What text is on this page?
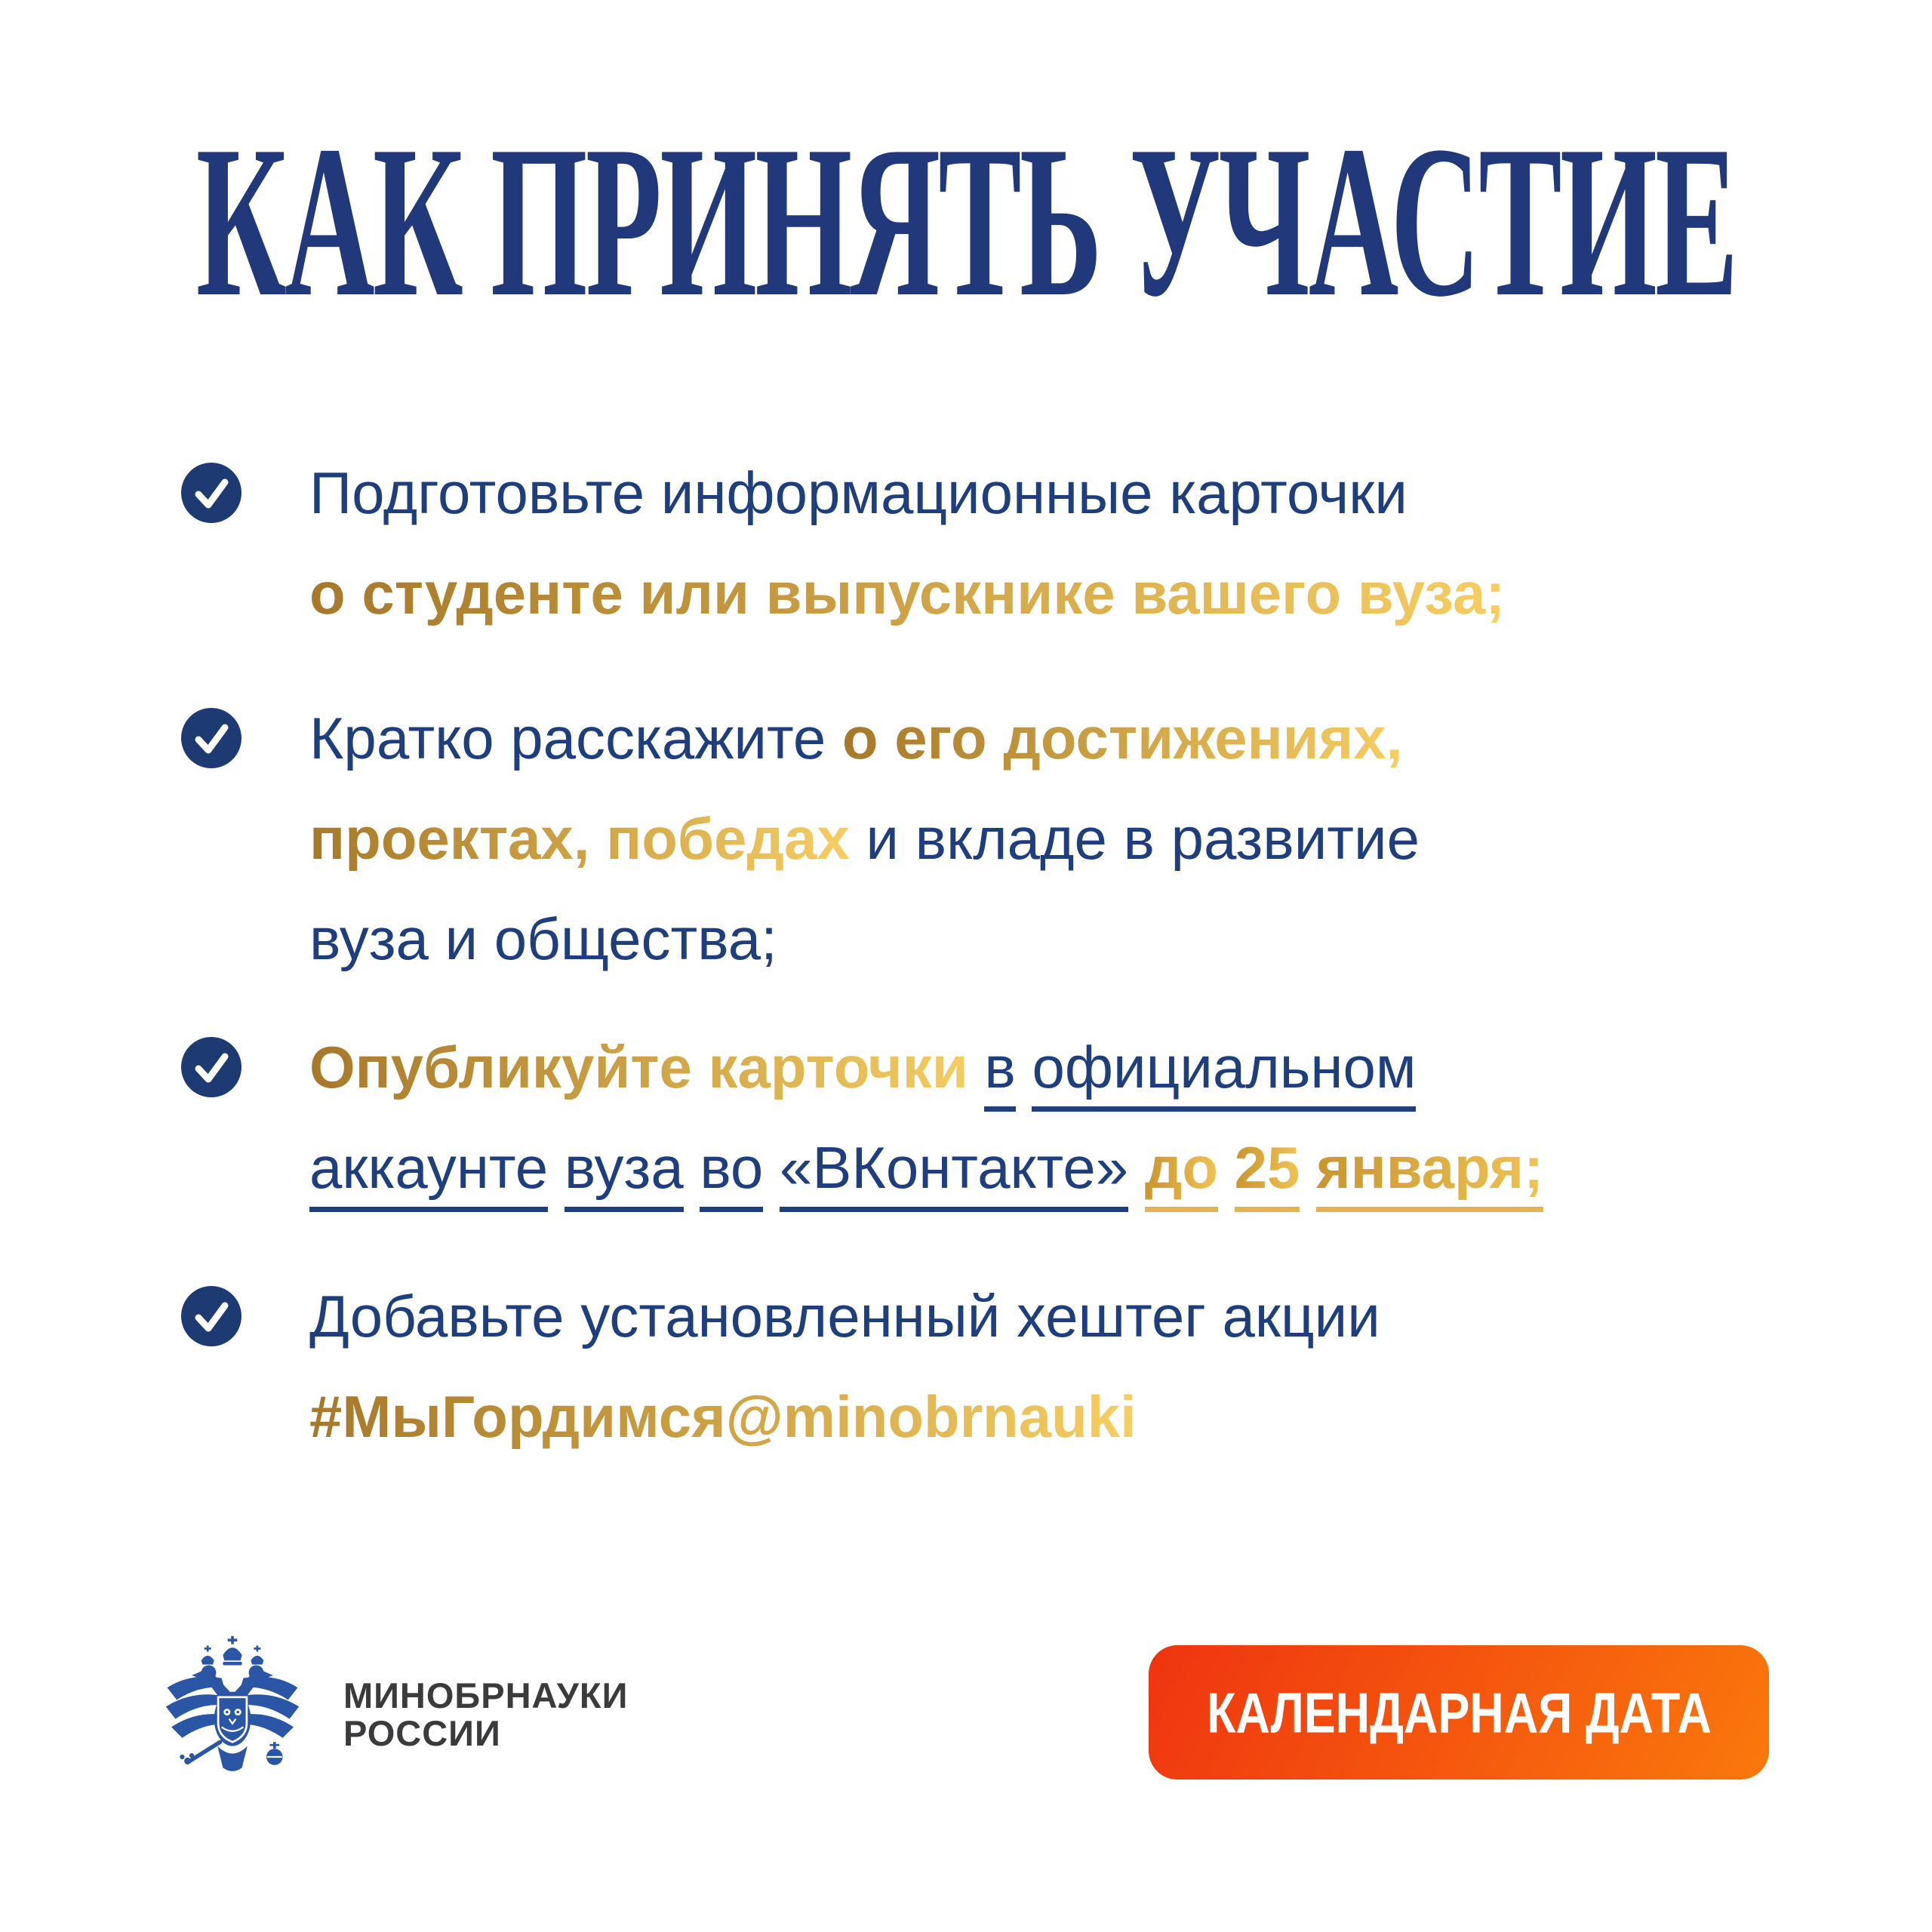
КАК ПРИНЯТЬ УЧАСТИЕ
Подготовьте информационные карточки
о студенте или выпускнике вашего вуза;
Кратко расскажите о его достижениях,
проектах, победах и вкладе в развитие
вуза и общества;
Опубликуйте карточки в официальном
аккаунте вуза во «ВКонтакте» до 25 января;
Добавьте установленный хештег акции
#МыГордимся@minobrnauki
МИНОБРНАУКИ
РОССИИ	КАЛЕНДАРНАЯ ДАТА
